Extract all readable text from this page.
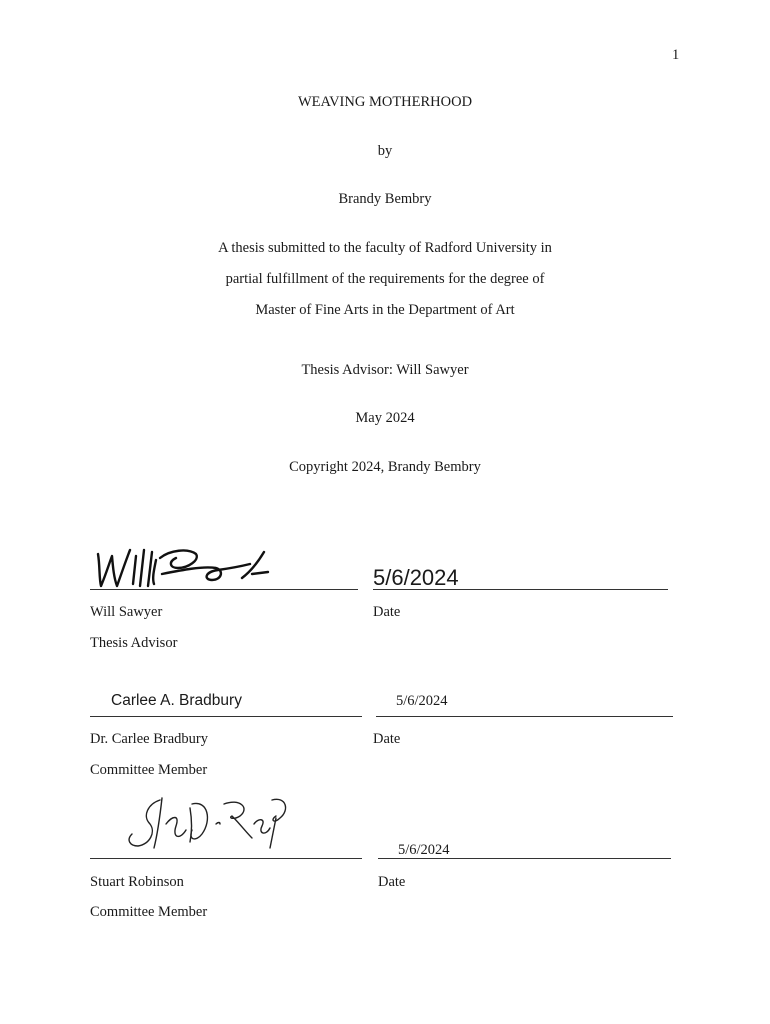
1
WEAVING MOTHERHOOD
by
Brandy Bembry
A thesis submitted to the faculty of Radford University in
partial fulfillment of the requirements for the degree of
Master of Fine Arts in the Department of Art
Thesis Advisor: Will Sawyer
May 2024
Copyright 2024, Brandy Bembry
5/6/2024
Will Sawyer	Date
Thesis Advisor
Carlee A. Bradbury	5/6/2024
Dr. Carlee Bradbury	Date
Committee Member
5/6/2024
Stuart Robinson	Date
Committee Member
